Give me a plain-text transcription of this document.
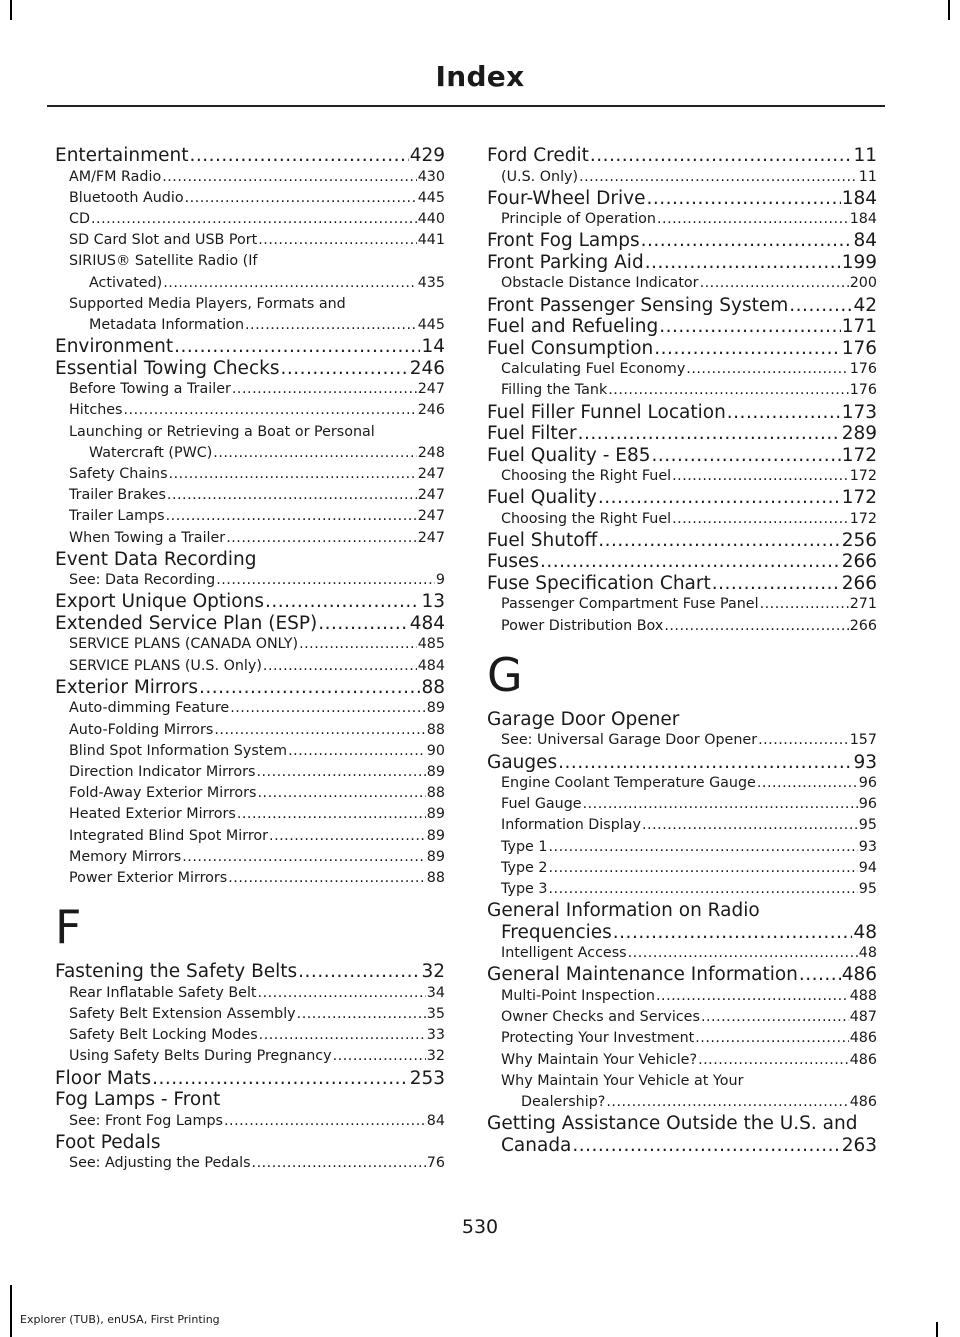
Index
Entertainment .....	429
AM/FM Radio .....	430
Bluetooth Audio .....	445
CD .....	440
SD Card Slot and USB Port .....	441
SIRIUS® Satellite Radio (If
Activated) .....	435
Supported Media Players, Formats and
Metadata Information .....	445
Environment .....	14
Essential Towing Checks .....	246
Before Towing a Trailer .....	247
Hitches .....	246
Launching or Retrieving a Boat or Personal
Watercraft (PWC) .....	248
Safety Chains .....	247
Trailer Brakes .....	247
Trailer Lamps .....	247
When Towing a Trailer .....	247
Event Data Recording
See: Data Recording .....	9
Export Unique Options .....	13
Extended Service Plan (ESP) .....	484
SERVICE PLANS (CANADA ONLY) .....	485
SERVICE PLANS (U.S. Only) .....	484
Exterior Mirrors .....	88
Auto-dimming Feature .....	89
Auto-Folding Mirrors .....	88
Blind Spot Information System .....	90
Direction Indicator Mirrors .....	89
Fold-Away Exterior Mirrors .....	88
Heated Exterior Mirrors .....	89
Integrated Blind Spot Mirror .....	89
Memory Mirrors .....	89
Power Exterior Mirrors .....	88
F
Fastening the Safety Belts .....	32
Rear Inflatable Safety Belt .....	34
Safety Belt Extension Assembly .....	35
Safety Belt Locking Modes .....	33
Using Safety Belts During Pregnancy .....	32
Floor Mats .....	253
Fog Lamps - Front
See: Front Fog Lamps .....	84
Foot Pedals
See: Adjusting the Pedals .....	76
Ford Credit .....	11
(U.S. Only) .....	11
Four-Wheel Drive .....	184
Principle of Operation .....	184
Front Fog Lamps .....	84
Front Parking Aid .....	199
Obstacle Distance Indicator .....	200
Front Passenger Sensing System .....	42
Fuel and Refueling .....	171
Fuel Consumption .....	176
Calculating Fuel Economy .....	176
Filling the Tank .....	176
Fuel Filler Funnel Location .....	173
Fuel Filter .....	289
Fuel Quality - E85 .....	172
Choosing the Right Fuel .....	172
Fuel Quality .....	172
Choosing the Right Fuel .....	172
Fuel Shutoff .....	256
Fuses .....	266
Fuse Specification Chart .....	266
Passenger Compartment Fuse Panel .....	271
Power Distribution Box .....	266
G
Garage Door Opener
See: Universal Garage Door Opener .....	157
Gauges .....	93
Engine Coolant Temperature Gauge .....	96
Fuel Gauge .....	96
Information Display .....	95
Type 1 .....	93
Type 2 .....	94
Type 3 .....	95
General Information on Radio
Frequencies .....	48
Intelligent Access .....	48
General Maintenance Information ..... 486
Multi-Point Inspection .....	488
Owner Checks and Services .....	487
Protecting Your Investment .....	486
Why Maintain Your Vehicle? .....	486
Why Maintain Your Vehicle at Your
Dealership? .....	486
Getting Assistance Outside the U.S. and
Canada .....	263
530
Explorer (TUB), enUSA, First Printing
